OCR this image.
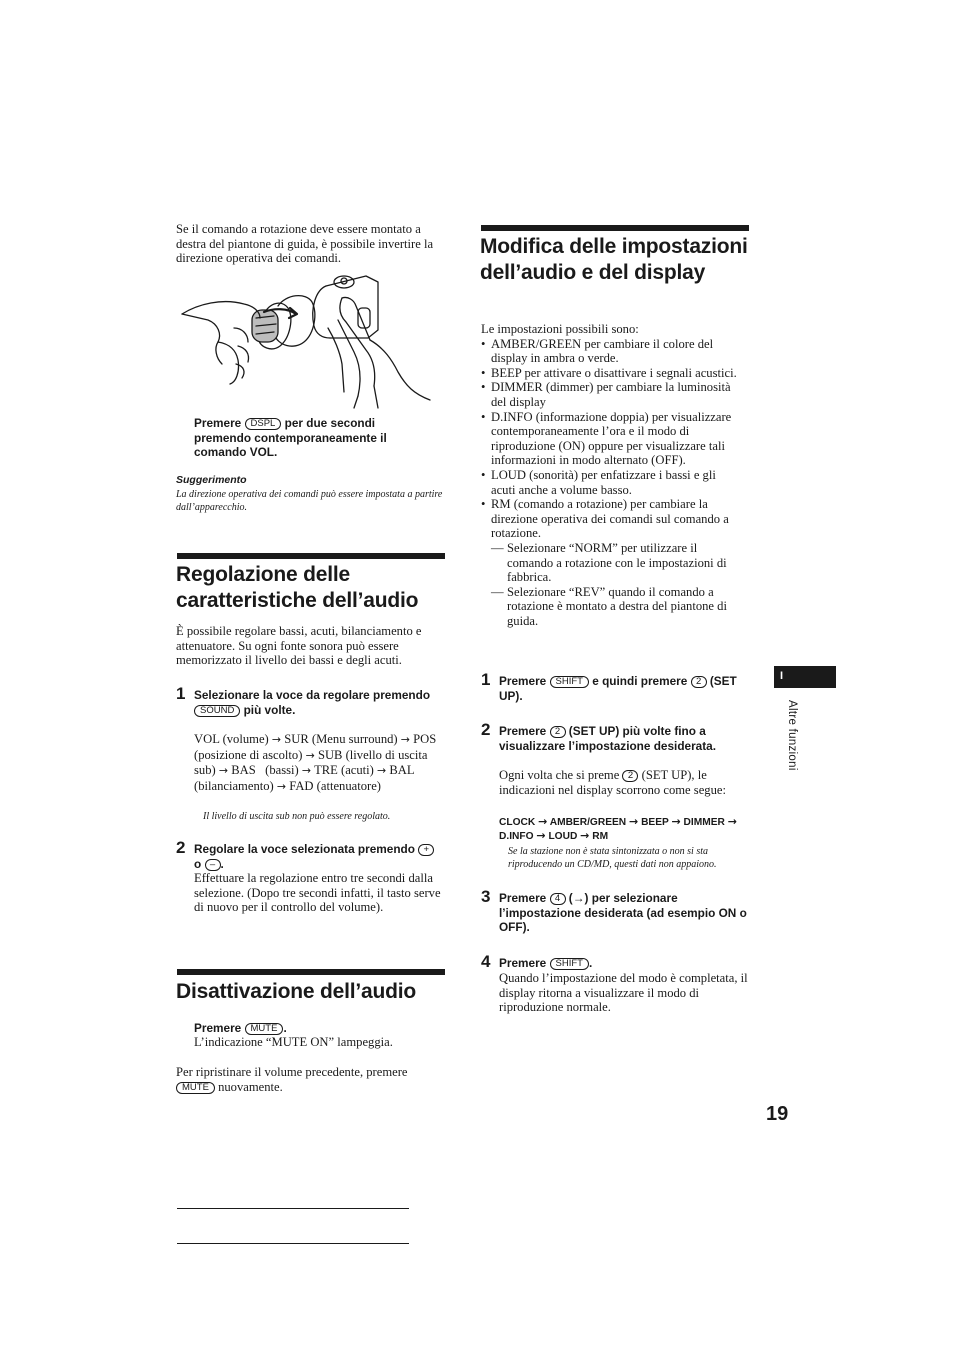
Se il comando a rotazione deve essere montato a destra del piantone di guida, è possibile invertire la direzione operativa dei comandi.
Premere DSPL per due secondi premendo contemporaneamente il comando VOL.
Suggerimento
La direzione operativa dei comandi può essere impostata a partire dall’apparecchio.
Regolazione delle caratteristiche dell’audio
È possibile regolare bassi, acuti, bilanciamento e attenuatore. Su ogni fonte sonora può essere memorizzato il livello dei bassi e degli acuti.
1 Selezionare la voce da regolare premendo SOUND più volte.
VOL (volume) → SUR (Menu surround) → POS (posizione di ascolto) → SUB (livello di uscita sub) → BAS   (bassi) → TRE (acuti) → BAL (bilanciamento) → FAD (attenuatore)
Il livello di uscita sub non può essere regolato.
2 Regolare la voce selezionata premendo + o – .
Effettuare la regolazione entro tre secondi dalla selezione. (Dopo tre secondi infatti, il tasto serve di nuovo per il controllo del volume).
Disattivazione dell’audio
Premere MUTE .
L’indicazione “MUTE ON” lampeggia.
Per ripristinare il volume precedente, premere MUTE nuovamente.
Modifica delle impostazioni dell’audio e del display
Le impostazioni possibili sono:
• AMBER/GREEN per cambiare il colore del display in ambra o verde.
• BEEP per attivare o disattivare i segnali acustici.
• DIMMER (dimmer) per cambiare la luminosità del display
• D.INFO (informazione doppia) per visualizzare contemporaneamente l’ora e il modo di riproduzione (ON) oppure per visualizzare tali informazioni in modo alternato (OFF).
• LOUD (sonorità) per enfatizzare i bassi e gli acuti anche a volume basso.
• RM (comando a rotazione) per cambiare la direzione operativa dei comandi sul comando a rotazione.
— Selezionare “NORM” per utilizzare il comando a rotazione con le impostazioni di fabbrica.
— Selezionare “REV” quando il comando a rotazione è montato a destra del piantone di guida.
1 Premere SHIFT e quindi premere 2 (SET UP).
2 Premere 2 (SET UP) più volte fino a visualizzare l’impostazione desiderata.
Ogni volta che si preme 2 (SET UP), le indicazioni nel display scorrono come segue:
CLOCK → AMBER/GREEN → BEEP → DIMMER → D.INFO → LOUD → RM
Se la stazione non è stata sintonizzata o non si sta riproducendo un CD/MD, questi dati non appaiono.
3 Premere 4 (→) per selezionare l’impostazione desiderata (ad esempio ON o OFF).
4 Premere SHIFT .
Quando l’impostazione del modo è completata, il display ritorna a visualizzare il modo di riproduzione normale.
I
Altre funzioni
19
